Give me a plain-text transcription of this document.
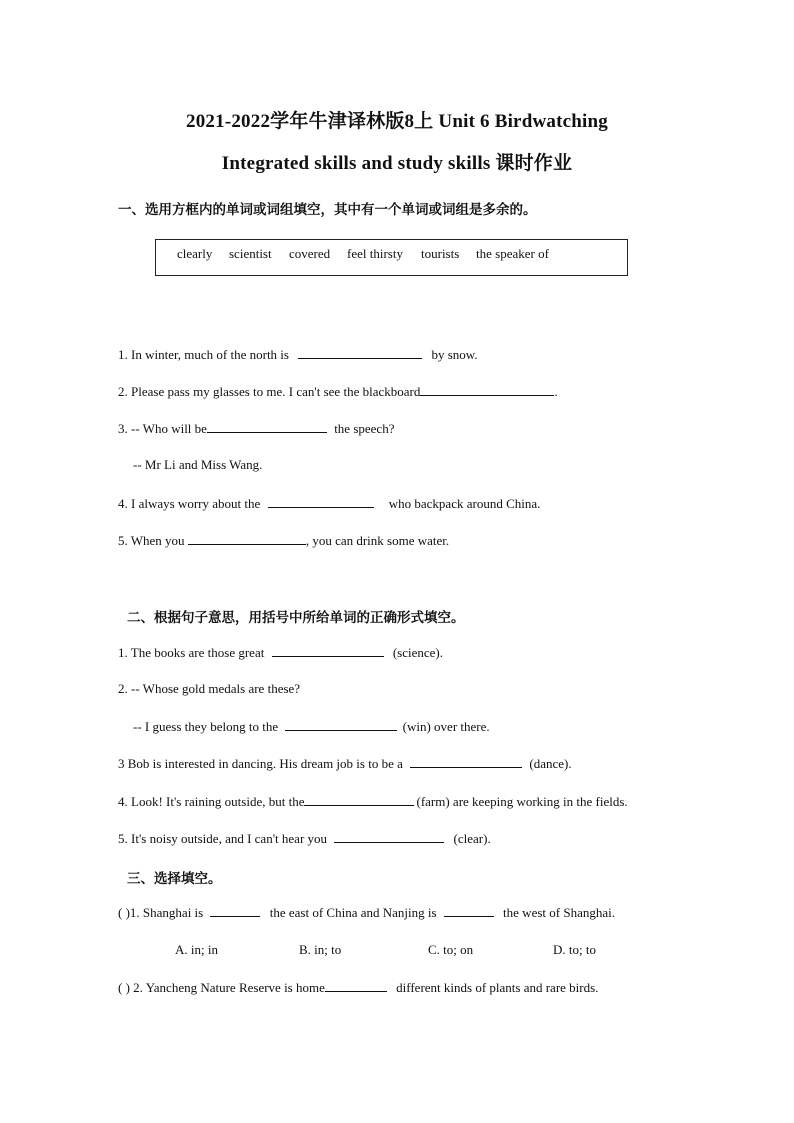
2021-2022学年牛津译林版8上 Unit 6 Birdwatching
Integrated skills and study skills 课时作业
一、选用方框内的单词或词组填空，其中有一个单词或词组是多余的。
clearly scientist covered feel thirsty tourists the speaker of
1. In winter, much of the north is	by snow.
2. Please pass my glasses to me. I can't see the blackboard	.
3. -- Who will be	the speech?
-- Mr Li and Miss Wang.
4. I always worry about the	who backpack around China.
5. When you	, you can drink some water.
二、根据句子意思，用括号中所给单词的正确形式填空。
1. The books are those great	(science).
2. -- Whose gold medals are these?
-- I guess they belong to the	(win) over there.
3 Bob is interested in dancing. His dream job is to be a	(dance).
4. Look! It's raining outside, but the	(farm) are keeping working in the fields.
5. It's noisy outside, and I can't hear you	(clear).
三、选择填空。
( )1. Shanghai is	the east of China and Nanjing is	the west of Shanghai.
A. in; in	B. in; to	C. to; on	D. to; to
( ) 2. Yancheng Nature Reserve is home	different kinds of plants and rare birds.
